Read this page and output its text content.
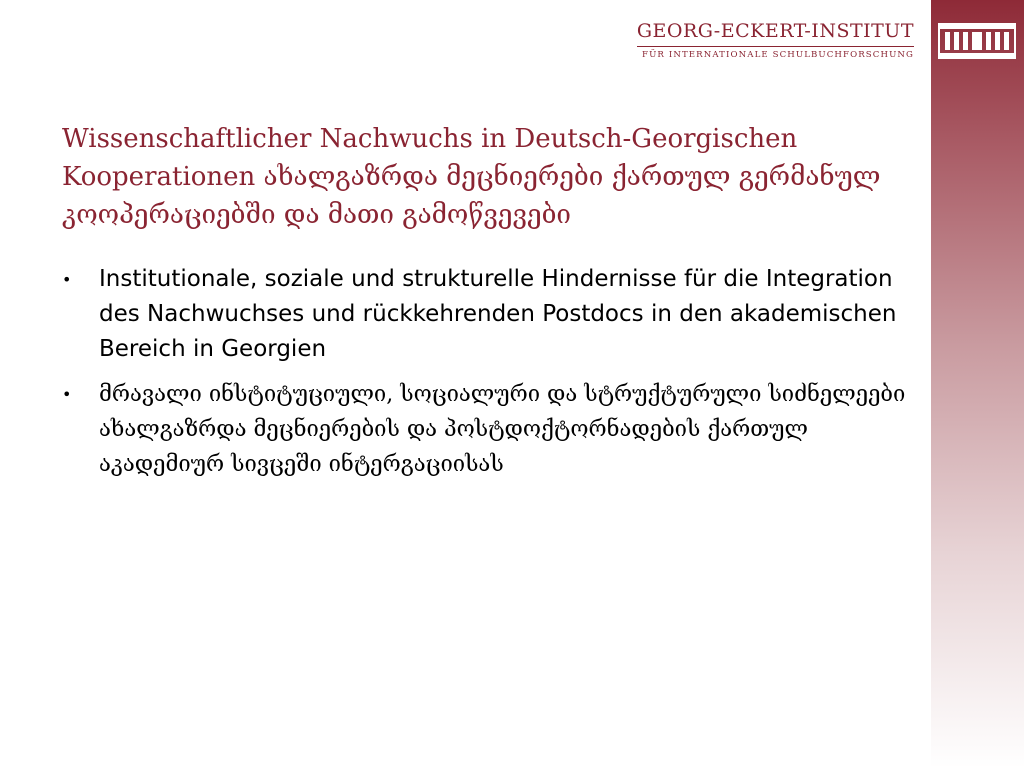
GEORG-ECKERT-INSTITUT
FÜR INTERNATIONALE SCHULBUCHFORSCHUNG
Wissenschaftlicher Nachwuchs in Deutsch-Georgischen Kooperationen ახალგაზრდა მეცნიერები ქართულ გერმანულ კოოპერაციებში და მათი გამოწვევები
• Institutionale, soziale und strukturelle Hindernisse für die Integration des Nachwuchses und rückkehrenden Postdocs in den akademischen Bereich in Georgien
• მრავალი ინსტიტუციული, სოციალური და სტრუქტურული სიძნელეები ახალგაზრდა მეცნიერების და პოსტდოქტორნადების ქართულ აკადემიურ სივცეში ინტერგაციისას
